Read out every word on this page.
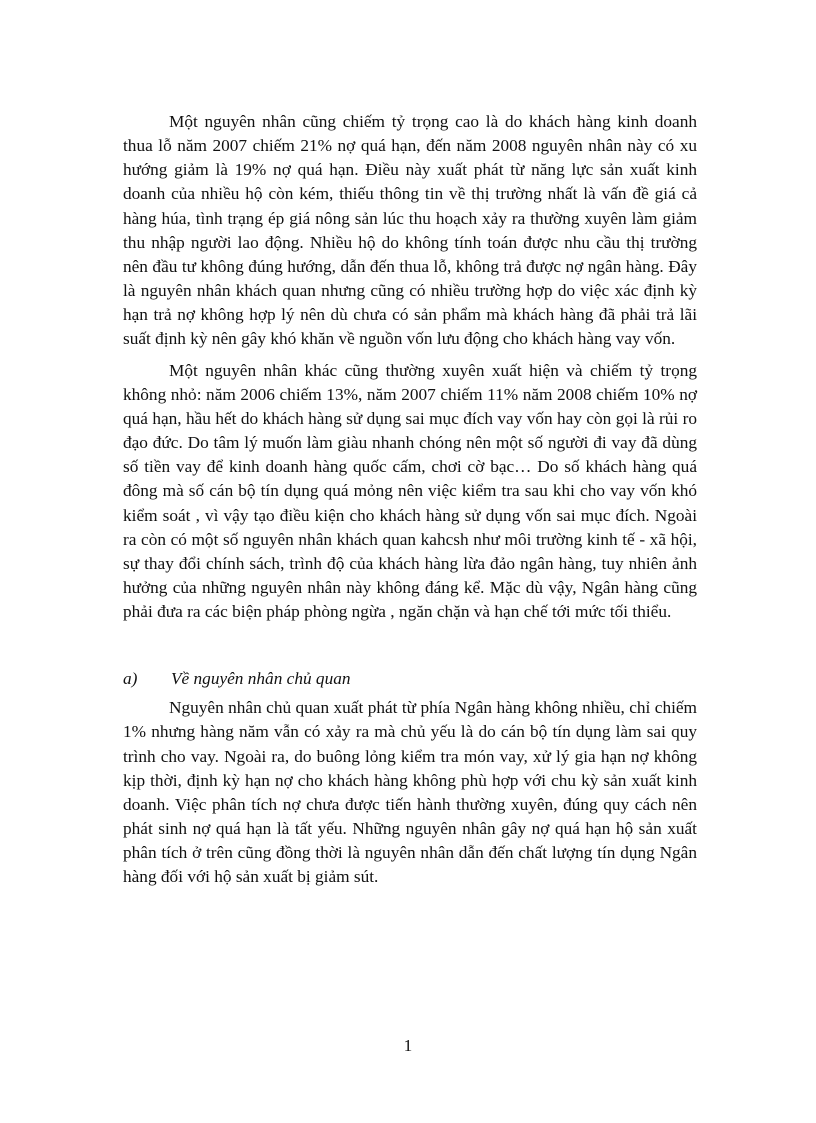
Một nguyên nhân cũng chiếm tỷ trọng cao là do khách hàng kinh doanh thua lỗ năm 2007 chiếm 21% nợ quá hạn, đến năm 2008 nguyên nhân này có xu hướng giảm là 19% nợ quá hạn. Điều này xuất phát từ năng lực sản xuất kinh doanh của nhiều hộ còn kém, thiếu thông tin về thị trường nhất là vấn đề giá cả hàng húa, tình trạng ép giá nông sản lúc thu hoạch xảy ra thường xuyên làm giảm thu nhập người lao động. Nhiều hộ do không tính toán được nhu cầu thị trường nên đầu tư không đúng hướng, dẫn đến thua lỗ, không trả được nợ ngân hàng. Đây là nguyên nhân khách quan nhưng cũng có nhiều trường hợp do việc xác định kỳ hạn trả nợ không hợp lý nên dù chưa có sản phẩm mà khách hàng đã phải trả lãi suất định kỳ nên gây khó khăn về nguồn vốn lưu động cho khách hàng vay vốn.

Một nguyên nhân khác cũng thường xuyên xuất hiện và chiếm tỷ trọng không nhỏ: năm 2006 chiếm 13%, năm 2007 chiếm 11% năm 2008 chiếm 10% nợ quá hạn, hầu hết do khách hàng sử dụng sai mục đích vay vốn hay còn gọi là rủi ro đạo đức. Do tâm lý muốn làm giàu nhanh chóng nên một số người đi vay đã dùng số tiền vay để kinh doanh hàng quốc cấm, chơi cờ bạc… Do số khách hàng quá đông mà số cán bộ tín dụng quá mỏng nên việc kiểm tra sau khi cho vay vốn khó kiểm soát , vì vậy tạo điều kiện cho khách hàng sử dụng vốn sai mục đích. Ngoài ra còn có một số nguyên nhân khách quan kahcsh như môi trường kinh tế - xã hội, sự thay đổi chính sách, trình độ của khách hàng lừa đảo ngân hàng, tuy nhiên ảnh hưởng của những nguyên nhân này không đáng kể. Mặc dù vậy, Ngân hàng cũng phải đưa ra các biện pháp phòng ngừa , ngăn chặn và hạn chế tới mức tối thiểu.

a)	Về nguyên nhân chủ quan

Nguyên nhân chủ quan xuất phát từ phía Ngân hàng không nhiều, chỉ chiếm 1% nhưng hàng năm vẫn có xảy ra mà chủ yếu là do cán bộ tín dụng làm sai quy trình cho vay. Ngoài ra, do buông lỏng kiểm tra món vay, xử lý gia hạn nợ không kịp thời, định kỳ hạn nợ cho khách hàng không phù hợp với chu kỳ sản xuất kinh doanh. Việc phân tích nợ chưa được tiến hành thường xuyên, đúng quy cách nên phát sinh nợ quá hạn là tất yếu. Những nguyên nhân gây nợ quá hạn hộ sản xuất phân tích ở trên cũng đồng thời là nguyên nhân dẫn đến chất lượng tín dụng Ngân hàng đối với hộ sản xuất bị giảm sút.

1
